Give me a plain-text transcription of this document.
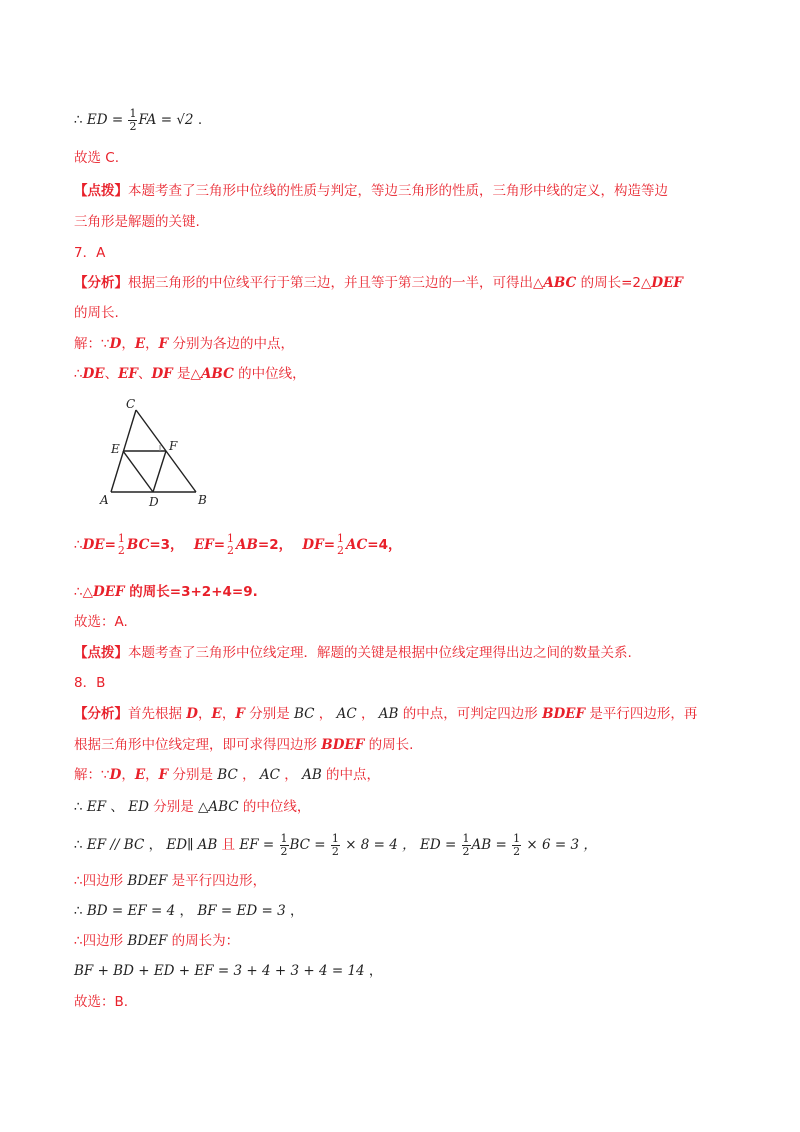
∴ ED = $\frac{1}{2}$ FA = √2 .
故选 C.
【点拨】本题考查了三角形中位线的性质与判定，等边三角形的性质，三角形中线的定义，构造等边
三角形是解题的关键.
7．A
【分析】根据三角形的中位线平行于第三边，并且等于第三边的一半，可得出△ABC 的周长=2△DEF
的周长.
解：∵D，E，F 分别为各边的中点，
∴DE、EF、DF 是△ABC 的中位线，
C
E	F
A	D	B
∴DE= 1
2 BC=3， EF= 1
2 AB=2， DF= 1
2 AC=4，
∴△DEF 的周长=3+2+4=9.
故选：A.
【点拨】本题考查了三角形中位线定理．解题的关键是根据中位线定理得出边之间的数量关系.
8．B
【分析】首先根据 D，E，F 分别是 BC ， AC ， AB 的中点，可判定四边形 BDEF 是平行四边形，再
根据三角形中位线定理，即可求得四边形 BDEF 的周长.
解：∵D，E，F 分别是 BC ， AC ， AB 的中点，
∴ EF 、 ED 分别是 △ABC 的中位线，
∴ EF // BC ， ED∥ AB 且 EF = $\frac{1}{2}$ BC = $\frac{1}{2} \times 8 = 4$ ， ED = $\frac{1}{2}$ AB = $\frac{1}{2} \times 6 = 3$ ，
∴四边形 BDEF 是平行四边形，
∴ BD = EF = 4 ， BF = ED = 3 ，
∴四边形 BDEF 的周长为：
BF + BD + ED + EF = 3 + 4 + 3 + 4 = 14 ，
故选：B.
